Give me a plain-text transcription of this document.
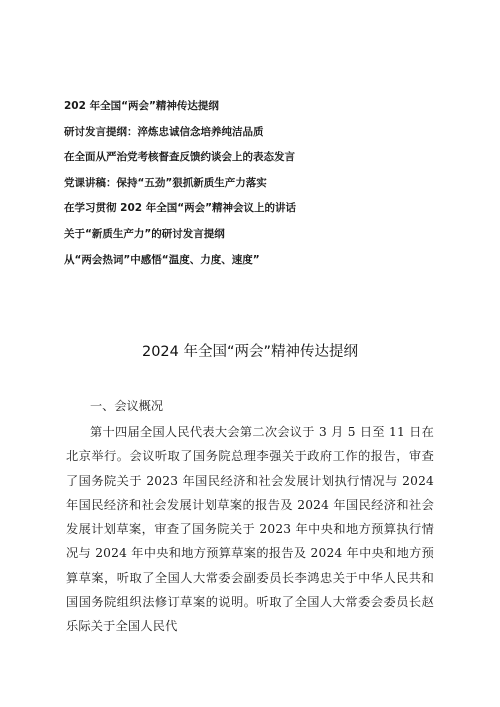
202 年全国“两会”精神传达提纲
研讨发言提纲：淬炼忠诚信念培养纯洁品质
在全面从严治党考核督查反馈约谈会上的表态发言
党课讲稿：保持“五劲”狠抓新质生产力落实
在学习贯彻 202 年全国“两会”精神会议上的讲话
关于“新质生产力”的研讨发言提纲
从“两会热词”中感悟“温度、力度、速度”
2024 年全国“两会”精神传达提纲
一、会议概况
第十四届全国人民代表大会第二次会议于 3 月 5 日至 11 日在北京举行。会议听取了国务院总理李强关于政府工作的报告，审查了国务院关于 2023 年国民经济和社会发展计划执行情况与 2024 年国民经济和社会发展计划草案的报告及 2024 年国民经济和社会发展计划草案，审查了国务院关于 2023 年中央和地方预算执行情况与 2024 年中央和地方预算草案的报告及 2024 年中央和地方预算草案，听取了全国人大常委会副委员长李鸿忠关于中华人民共和国国务院组织法修订草案的说明。听取了全国人大常委会委员长赵乐际关于全国人民代
